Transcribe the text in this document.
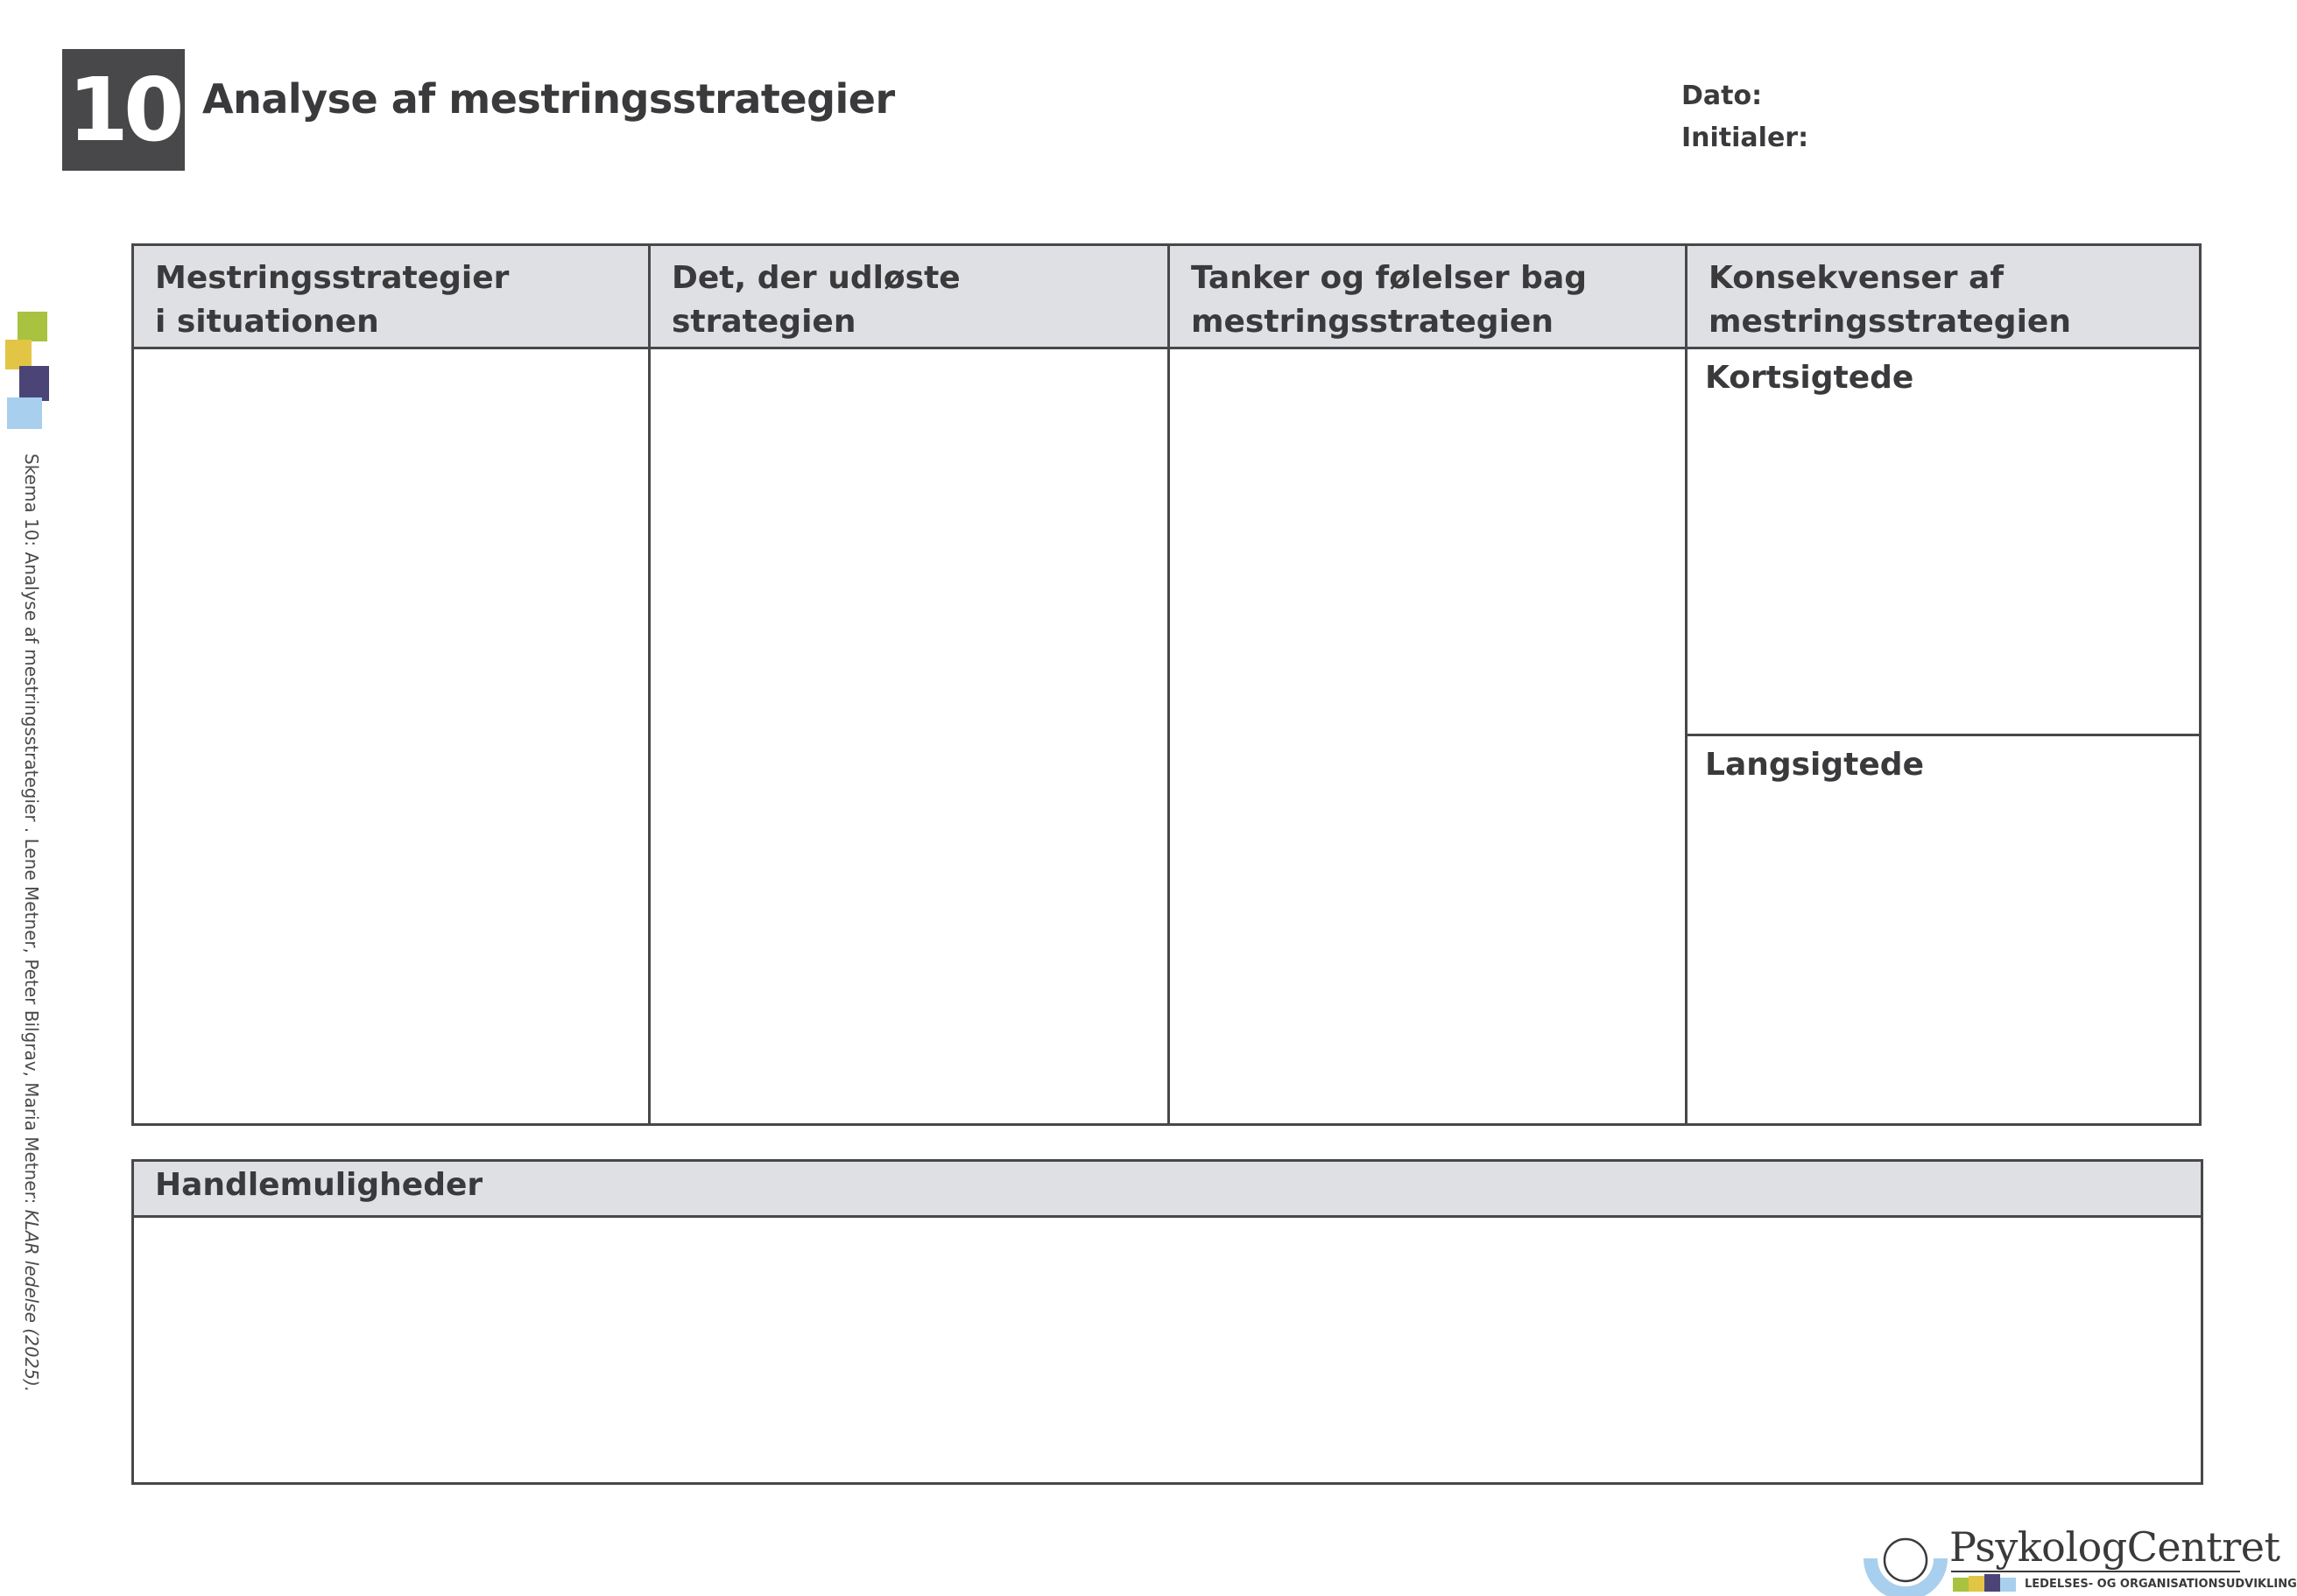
10 Analyse af mestringsstrategier	Dato:
Initialer:
Skema 10: Analyse af mestringsstrategier . Lene Metner, Peter Bilgrav, Maria Metner: KLAR ledelse (2025).
Mestringsstrategier
i situationen
Det, der udløste strategien
Tanker og følelser bag
mestringsstrategien
Konsekvenser af
mestringsstrategien
Kortsigtede
Langsigtede
Handlemuligheder
PsykologCentret
LEDELSES- OG ORGANISATIONSUDVIKLING
